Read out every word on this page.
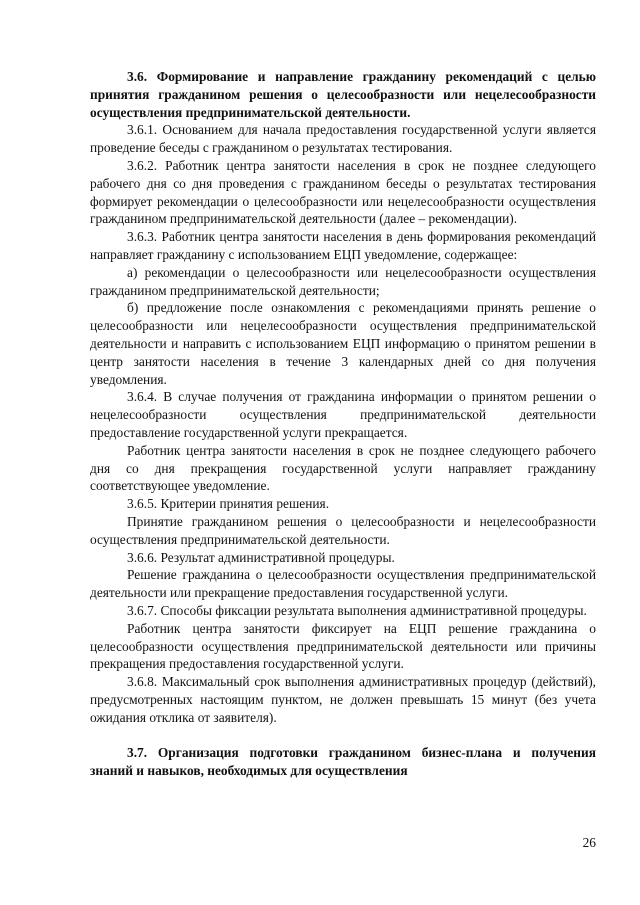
3.6. Формирование и направление гражданину рекомендаций с целью принятия гражданином решения о целесообразности или нецелесообразности осуществления предпринимательской деятельности.

3.6.1. Основанием для начала предоставления государственной услуги является проведение беседы с гражданином о результатах тестирования.

3.6.2. Работник центра занятости населения в срок не позднее следующего рабочего дня со дня проведения с гражданином беседы о результатах тестирования формирует рекомендации о целесообразности или нецелесообразности осуществления гражданином предпринимательской деятельности (далее – рекомендации).

3.6.3. Работник центра занятости населения в день формирования рекомендаций направляет гражданину с использованием ЕЦП уведомление, содержащее:

а) рекомендации о целесообразности или нецелесообразности осуществления гражданином предпринимательской деятельности;

б) предложение после ознакомления с рекомендациями принять решение о целесообразности или нецелесообразности осуществления предпринимательской деятельности и направить с использованием ЕЦП информацию о принятом решении в центр занятости населения в течение 3 календарных дней со дня получения уведомления.

3.6.4. В случае получения от гражданина информации о принятом решении о нецелесообразности осуществления предпринимательской деятельности предоставление государственной услуги прекращается.

Работник центра занятости населения в срок не позднее следующего рабочего дня со дня прекращения государственной услуги направляет гражданину соответствующее уведомление.

3.6.5. Критерии принятия решения.

Принятие гражданином решения о целесообразности и нецелесообразности осуществления предпринимательской деятельности.

3.6.6. Результат административной процедуры.

Решение гражданина о целесообразности осуществления предпринимательской деятельности или прекращение предоставления государственной услуги.

3.6.7. Способы фиксации результата выполнения административной процедуры.

Работник центра занятости фиксирует на ЕЦП решение гражданина о целесообразности осуществления предпринимательской деятельности или причины прекращения предоставления государственной услуги.

3.6.8. Максимальный срок выполнения административных процедур (действий), предусмотренных настоящим пунктом, не должен превышать 15 минут (без учета ожидания отклика от заявителя).

3.7. Организация подготовки гражданином бизнес-плана и получения знаний и навыков, необходимых для осуществления

26
